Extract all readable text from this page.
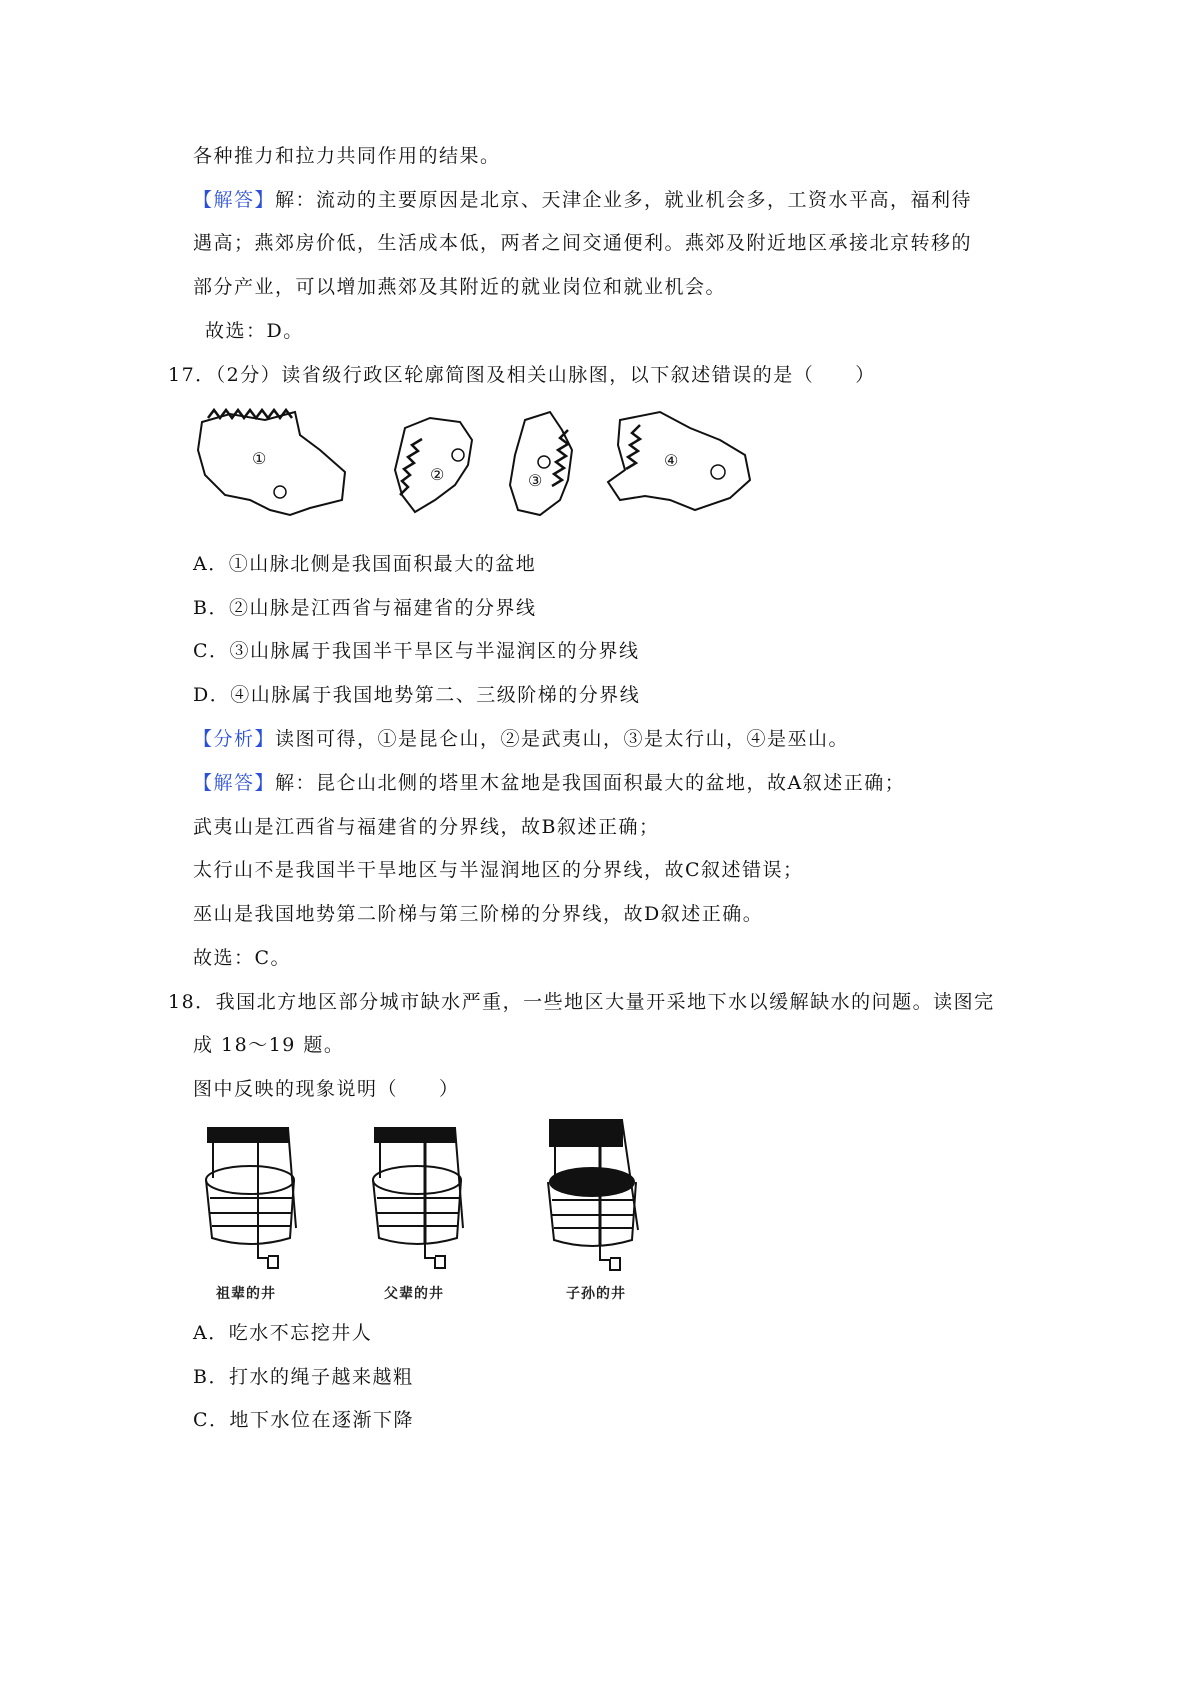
各种推力和拉力共同作用的结果。
【解答】解：流动的主要原因是北京、天津企业多，就业机会多，工资水平高，福利待
遇高；燕郊房价低，生活成本低，两者之间交通便利。燕郊及附近地区承接北京转移的
部分产业，可以增加燕郊及其附近的就业岗位和就业机会。
故选：D。
17．（2分）读省级行政区轮廓简图及相关山脉图，以下叙述错误的是（　　）
①
②	③
④
A．①山脉北侧是我国面积最大的盆地
B．②山脉是江西省与福建省的分界线
C．③山脉属于我国半干旱区与半湿润区的分界线
D．④山脉属于我国地势第二、三级阶梯的分界线
【分析】读图可得，①是昆仑山，②是武夷山，③是太行山，④是巫山。
【解答】解：昆仑山北侧的塔里木盆地是我国面积最大的盆地，故A叙述正确；
武夷山是江西省与福建省的分界线，故B叙述正确；
太行山不是我国半干旱地区与半湿润地区的分界线，故C叙述错误；
巫山是我国地势第二阶梯与第三阶梯的分界线，故D叙述正确。
故选：C。
18．我国北方地区部分城市缺水严重，一些地区大量开采地下水以缓解缺水的问题。读图完
成 18～19 题。
图中反映的现象说明（　　）
祖辈的井	父辈的井	子孙的井
A．吃水不忘挖井人
B．打水的绳子越来越粗
C．地下水位在逐渐下降
